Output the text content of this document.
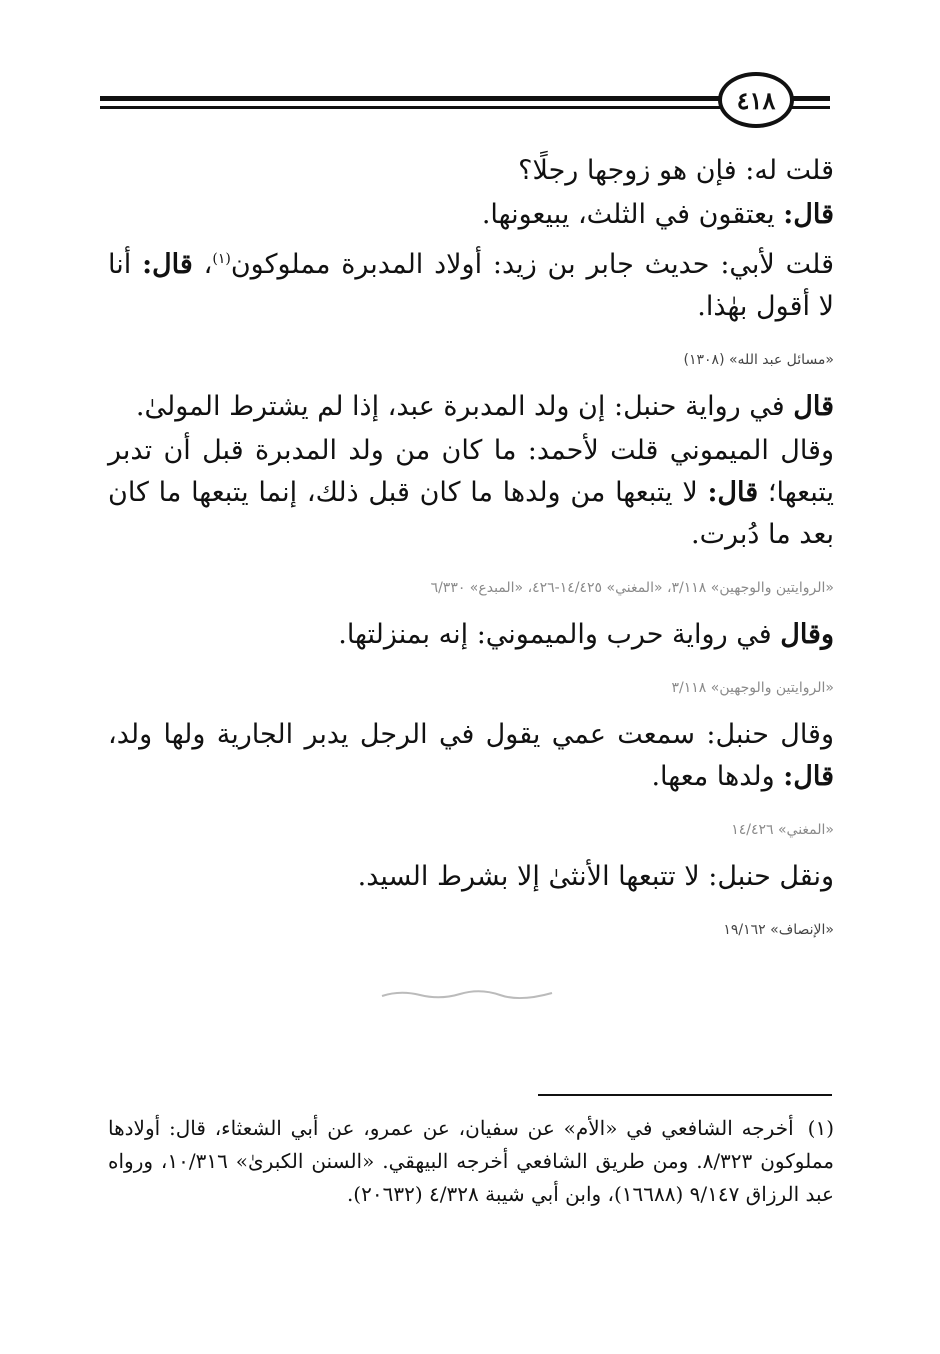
٤١٨

قلت له: فإن هو زوجها رجلًا؟

قال: يعتقون في الثلث، يبيعونها.

قلت لأبي: حديث جابر بن زيد: أولاد المدبرة مملوكون$^{(١)}$، قال: أنا لا أقول بهٰذا.

«مسائل عبد الله» (١٣٠٨)

قال في رواية حنبل: إن ولد المدبرة عبد، إذا لم يشترط المولىٰ.

وقال الميموني قلت لأحمد: ما كان من ولد المدبرة قبل أن تدبر يتبعها؛ قال: لا يتبعها من ولدها ما كان قبل ذلك، إنما يتبعها ما كان بعد ما دُبرت.

«الروايتين والوجهين» ٣/١١٨، «المغني» ١٤/٤٢٥-٤٢٦، «المبدع» ٦/٣٣٠

وقال في رواية حرب والميموني: إنه بمنزلتها.

«الروايتين والوجهين» ٣/١١٨

وقال حنبل: سمعت عمي يقول في الرجل يدبر الجارية ولها ولد، قال: ولدها معها.

«المغني» ١٤/٤٢٦

ونقل حنبل: لا تتبعها الأنثىٰ إلا بشرط السيد.

«الإنصاف» ١٩/١٦٢
(١)أخرجه الشافعي في «الأم» عن سفيان، عن عمرو، عن أبي الشعثاء، قال: أولادها مملوكون ٨/٣٢٣. ومن طريق الشافعي أخرجه البيهقي. «السنن الكبرىٰ» ١٠/٣١٦، ورواه عبد الرزاق ٩/١٤٧ (١٦٦٨٨)، وابن أبي شيبة ٤/٣٢٨ (٢٠٦٣٢).
